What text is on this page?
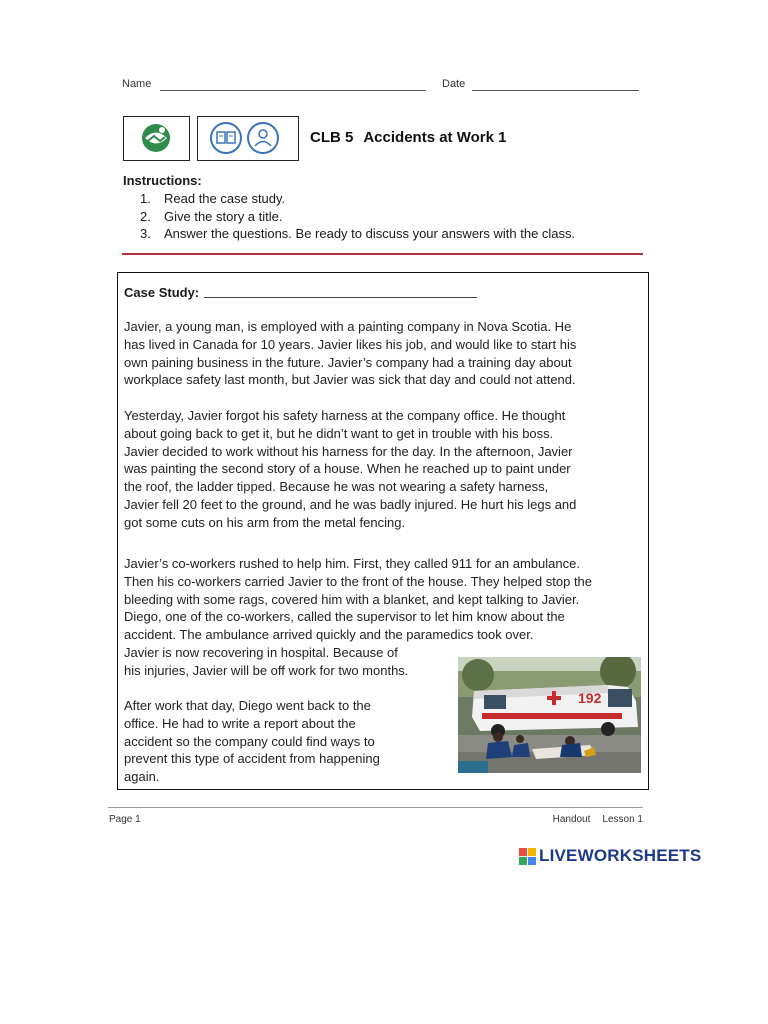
Name	Date
CLB 5 Accidents at Work 1
Instructions:
1. Read the case study.
2. Give the story a title.
3. Answer the questions. Be ready to discuss your answers with the class.
Case Study:
Javier, a young man, is employed with a painting company in Nova Scotia. He
has lived in Canada for 10 years. Javier likes his job, and would like to start his
own paining business in the future. Javier’s company had a training day about
workplace safety last month, but Javier was sick that day and could not attend.
Yesterday, Javier forgot his safety harness at the company office. He thought
about going back to get it, but he didn’t want to get in trouble with his boss.
Javier decided to work without his harness for the day. In the afternoon, Javier
was painting the second story of a house. When he reached up to paint under
the roof, the ladder tipped. Because he was not wearing a safety harness,
Javier fell 20 feet to the ground, and he was badly injured. He hurt his legs and
got some cuts on his arm from the metal fencing.
Javier’s co-workers rushed to help him. First, they called 911 for an ambulance.
Then his co-workers carried Javier to the front of the house. They helped stop the
bleeding with some rags, covered him with a blanket, and kept talking to Javier.
Diego, one of the co-workers, called the supervisor to let him know about the
accident. The ambulance arrived quickly and the paramedics took over.
Javier is now recovering in hospital. Because of
his injuries, Javier will be off work for two months.
After work that day, Diego went back to the
office. He had to write a report about the
accident so the company could find ways to
prevent this type of accident from happening
again.
192
Page 1	Handout Lesson 1
LIVEWORKSHEETS
